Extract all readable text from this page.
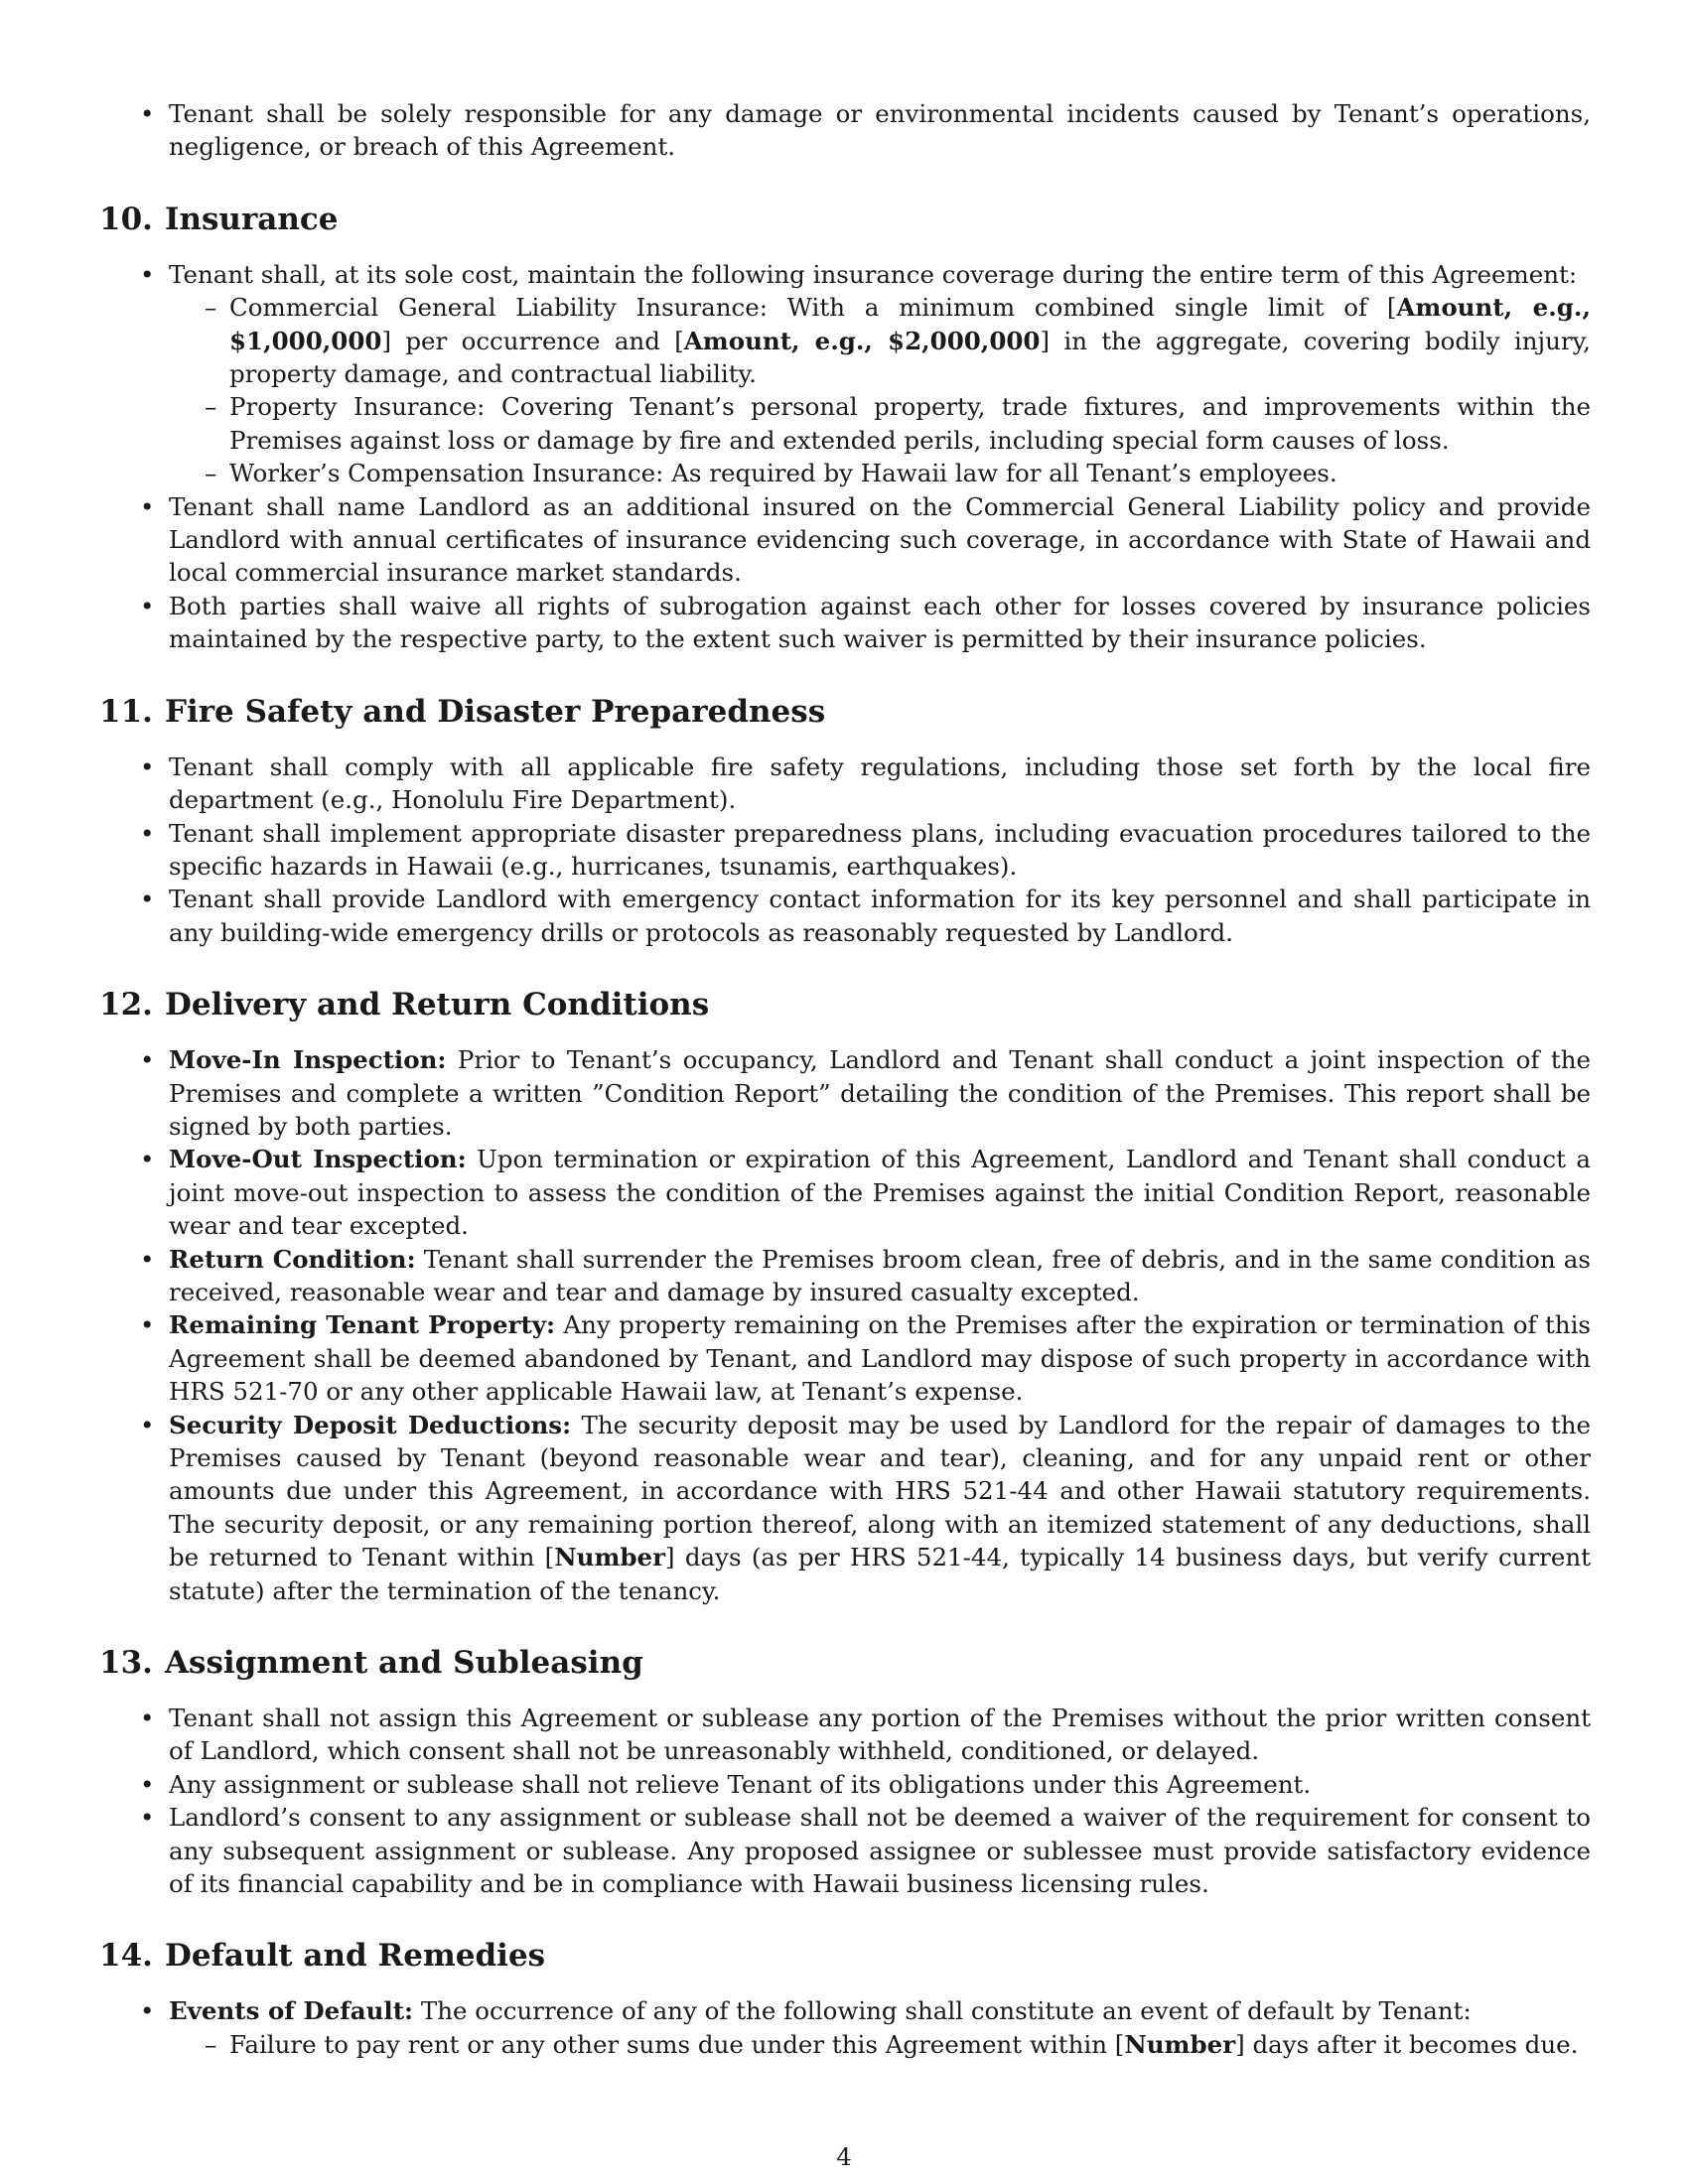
• Tenant shall be solely responsible for any damage or environmental incidents caused by Tenant’s operations, negligence, or breach of this Agreement.
10. Insurance
• Tenant shall, at its sole cost, maintain the following insurance coverage during the entire term of this Agreement:
– Commercial General Liability Insurance: With a minimum combined single limit of [Amount, e.g., $1,000,000] per occurrence and [Amount, e.g., $2,000,000] in the aggregate, covering bodily injury, property damage, and contractual liability.
– Property Insurance: Covering Tenant’s personal property, trade fixtures, and improvements within the Premises against loss or damage by fire and extended perils, including special form causes of loss.
– Worker’s Compensation Insurance: As required by Hawaii law for all Tenant’s employees.
• Tenant shall name Landlord as an additional insured on the Commercial General Liability policy and provide Landlord with annual certificates of insurance evidencing such coverage, in accordance with State of Hawaii and local commercial insurance market standards.
• Both parties shall waive all rights of subrogation against each other for losses covered by insurance policies maintained by the respective party, to the extent such waiver is permitted by their insurance policies.
11. Fire Safety and Disaster Preparedness
• Tenant shall comply with all applicable fire safety regulations, including those set forth by the local fire department (e.g., Honolulu Fire Department).
• Tenant shall implement appropriate disaster preparedness plans, including evacuation procedures tailored to the specific hazards in Hawaii (e.g., hurricanes, tsunamis, earthquakes).
• Tenant shall provide Landlord with emergency contact information for its key personnel and shall participate in any building-wide emergency drills or protocols as reasonably requested by Landlord.
12. Delivery and Return Conditions
• Move-In Inspection: Prior to Tenant’s occupancy, Landlord and Tenant shall conduct a joint inspection of the Premises and complete a written ”Condition Report” detailing the condition of the Premises. This report shall be signed by both parties.
• Move-Out Inspection: Upon termination or expiration of this Agreement, Landlord and Tenant shall conduct a joint move-out inspection to assess the condition of the Premises against the initial Condition Report, reasonable wear and tear excepted.
• Return Condition: Tenant shall surrender the Premises broom clean, free of debris, and in the same condition as received, reasonable wear and tear and damage by insured casualty excepted.
• Remaining Tenant Property: Any property remaining on the Premises after the expiration or termination of this Agreement shall be deemed abandoned by Tenant, and Landlord may dispose of such property in accordance with HRS 521-70 or any other applicable Hawaii law, at Tenant’s expense.
• Security Deposit Deductions: The security deposit may be used by Landlord for the repair of damages to the Premises caused by Tenant (beyond reasonable wear and tear), cleaning, and for any unpaid rent or other amounts due under this Agreement, in accordance with HRS 521-44 and other Hawaii statutory requirements. The security deposit, or any remaining portion thereof, along with an itemized statement of any deductions, shall be returned to Tenant within [Number] days (as per HRS 521-44, typically 14 business days, but verify current statute) after the termination of the tenancy.
13. Assignment and Subleasing
• Tenant shall not assign this Agreement or sublease any portion of the Premises without the prior written consent of Landlord, which consent shall not be unreasonably withheld, conditioned, or delayed.
• Any assignment or sublease shall not relieve Tenant of its obligations under this Agreement.
• Landlord’s consent to any assignment or sublease shall not be deemed a waiver of the requirement for consent to any subsequent assignment or sublease. Any proposed assignee or sublessee must provide satisfactory evidence of its financial capability and be in compliance with Hawaii business licensing rules.
14. Default and Remedies
• Events of Default: The occurrence of any of the following shall constitute an event of default by Tenant:
– Failure to pay rent or any other sums due under this Agreement within [Number] days after it becomes due.
4
